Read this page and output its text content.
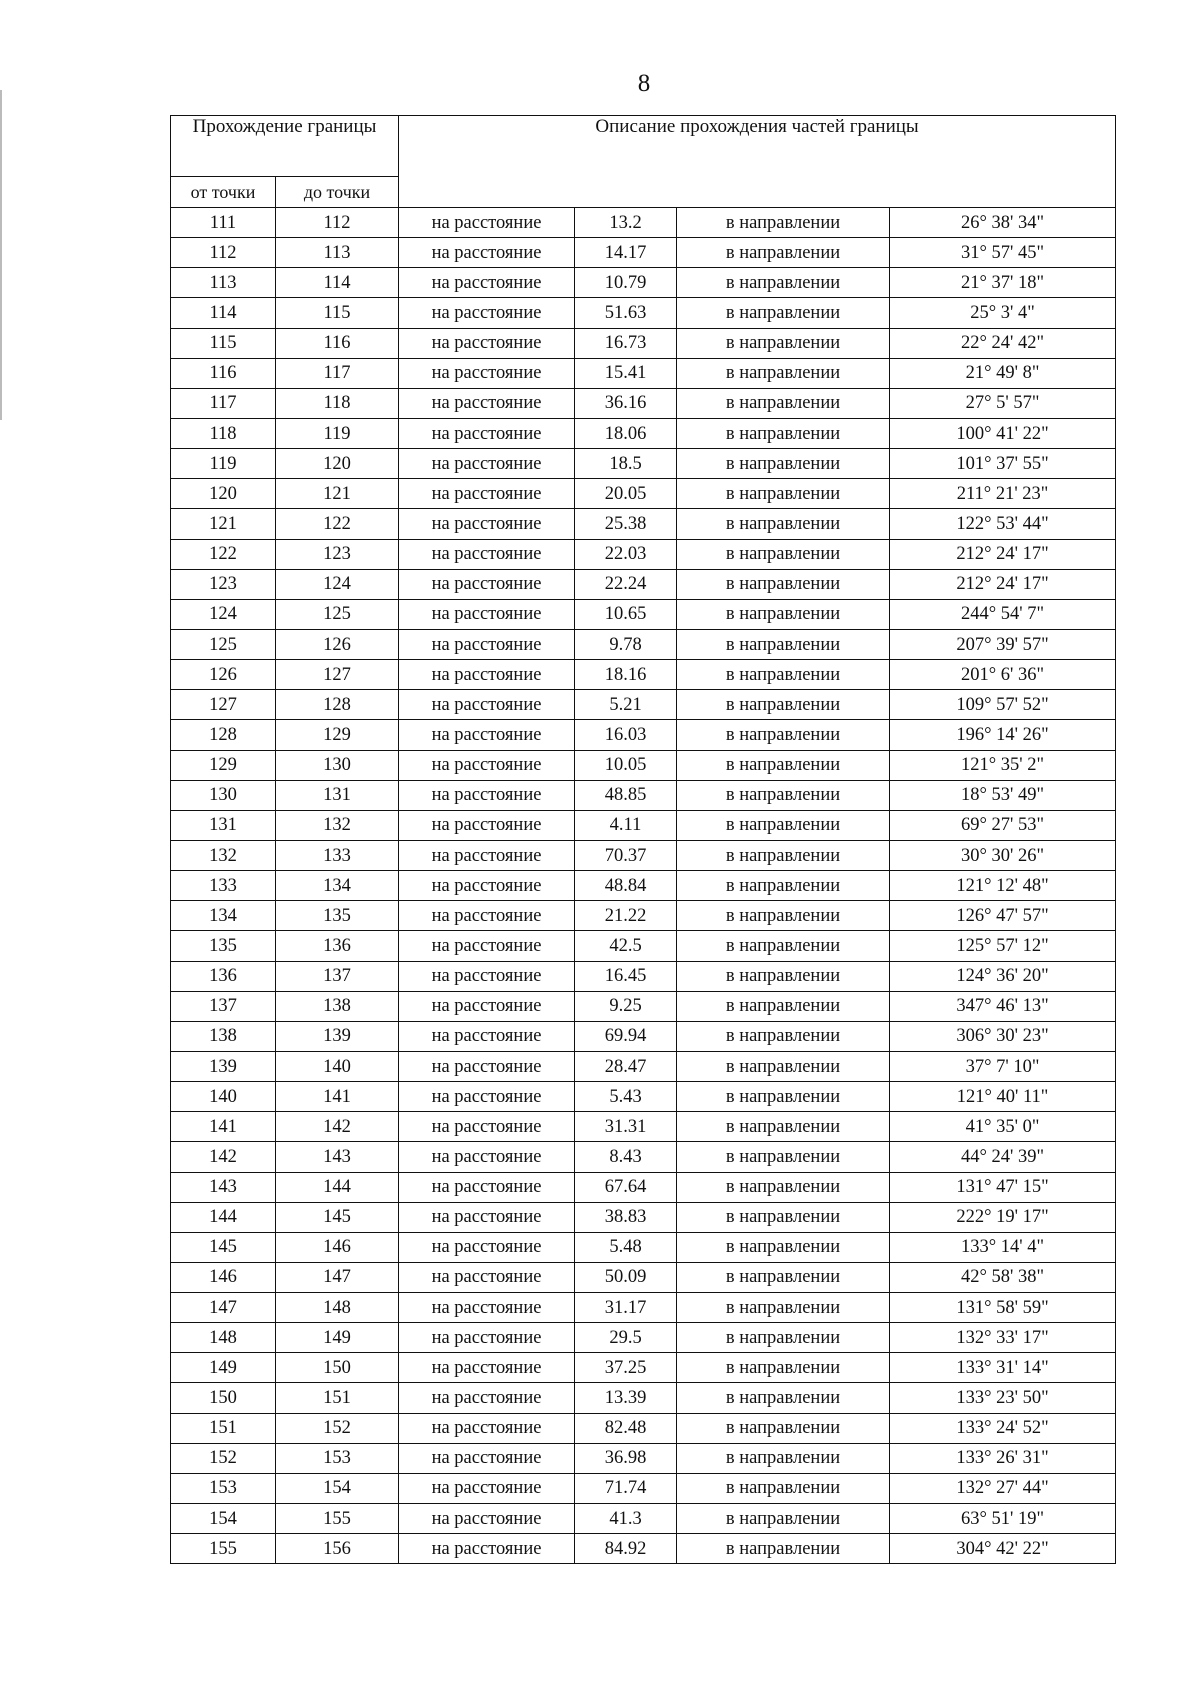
8
Прохождение границы		Описание прохождения частей границы			
от точки	до точки				
111	112	на расстояние	13.2	в направлении	26° 38' 34"
112	113	на расстояние	14.17	в направлении	31° 57' 45"
113	114	на расстояние	10.79	в направлении	21° 37' 18"
114	115	на расстояние	51.63	в направлении	25° 3' 4"
115	116	на расстояние	16.73	в направлении	22° 24' 42"
116	117	на расстояние	15.41	в направлении	21° 49' 8"
117	118	на расстояние	36.16	в направлении	27° 5' 57"
118	119	на расстояние	18.06	в направлении	100° 41' 22"
119	120	на расстояние	18.5	в направлении	101° 37' 55"
120	121	на расстояние	20.05	в направлении	211° 21' 23"
121	122	на расстояние	25.38	в направлении	122° 53' 44"
122	123	на расстояние	22.03	в направлении	212° 24' 17"
123	124	на расстояние	22.24	в направлении	212° 24' 17"
124	125	на расстояние	10.65	в направлении	244° 54' 7"
125	126	на расстояние	9.78	в направлении	207° 39' 57"
126	127	на расстояние	18.16	в направлении	201° 6' 36"
127	128	на расстояние	5.21	в направлении	109° 57' 52"
128	129	на расстояние	16.03	в направлении	196° 14' 26"
129	130	на расстояние	10.05	в направлении	121° 35' 2"
130	131	на расстояние	48.85	в направлении	18° 53' 49"
131	132	на расстояние	4.11	в направлении	69° 27' 53"
132	133	на расстояние	70.37	в направлении	30° 30' 26"
133	134	на расстояние	48.84	в направлении	121° 12' 48"
134	135	на расстояние	21.22	в направлении	126° 47' 57"
135	136	на расстояние	42.5	в направлении	125° 57' 12"
136	137	на расстояние	16.45	в направлении	124° 36' 20"
137	138	на расстояние	9.25	в направлении	347° 46' 13"
138	139	на расстояние	69.94	в направлении	306° 30' 23"
139	140	на расстояние	28.47	в направлении	37° 7' 10"
140	141	на расстояние	5.43	в направлении	121° 40' 11"
141	142	на расстояние	31.31	в направлении	41° 35' 0"
142	143	на расстояние	8.43	в направлении	44° 24' 39"
143	144	на расстояние	67.64	в направлении	131° 47' 15"
144	145	на расстояние	38.83	в направлении	222° 19' 17"
145	146	на расстояние	5.48	в направлении	133° 14' 4"
146	147	на расстояние	50.09	в направлении	42° 58' 38"
147	148	на расстояние	31.17	в направлении	131° 58' 59"
148	149	на расстояние	29.5	в направлении	132° 33' 17"
149	150	на расстояние	37.25	в направлении	133° 31' 14"
150	151	на расстояние	13.39	в направлении	133° 23' 50"
151	152	на расстояние	82.48	в направлении	133° 24' 52"
152	153	на расстояние	36.98	в направлении	133° 26' 31"
153	154	на расстояние	71.74	в направлении	132° 27' 44"
154	155	на расстояние	41.3	в направлении	63° 51' 19"
155	156	на расстояние	84.92	в направлении	304° 42' 22"
